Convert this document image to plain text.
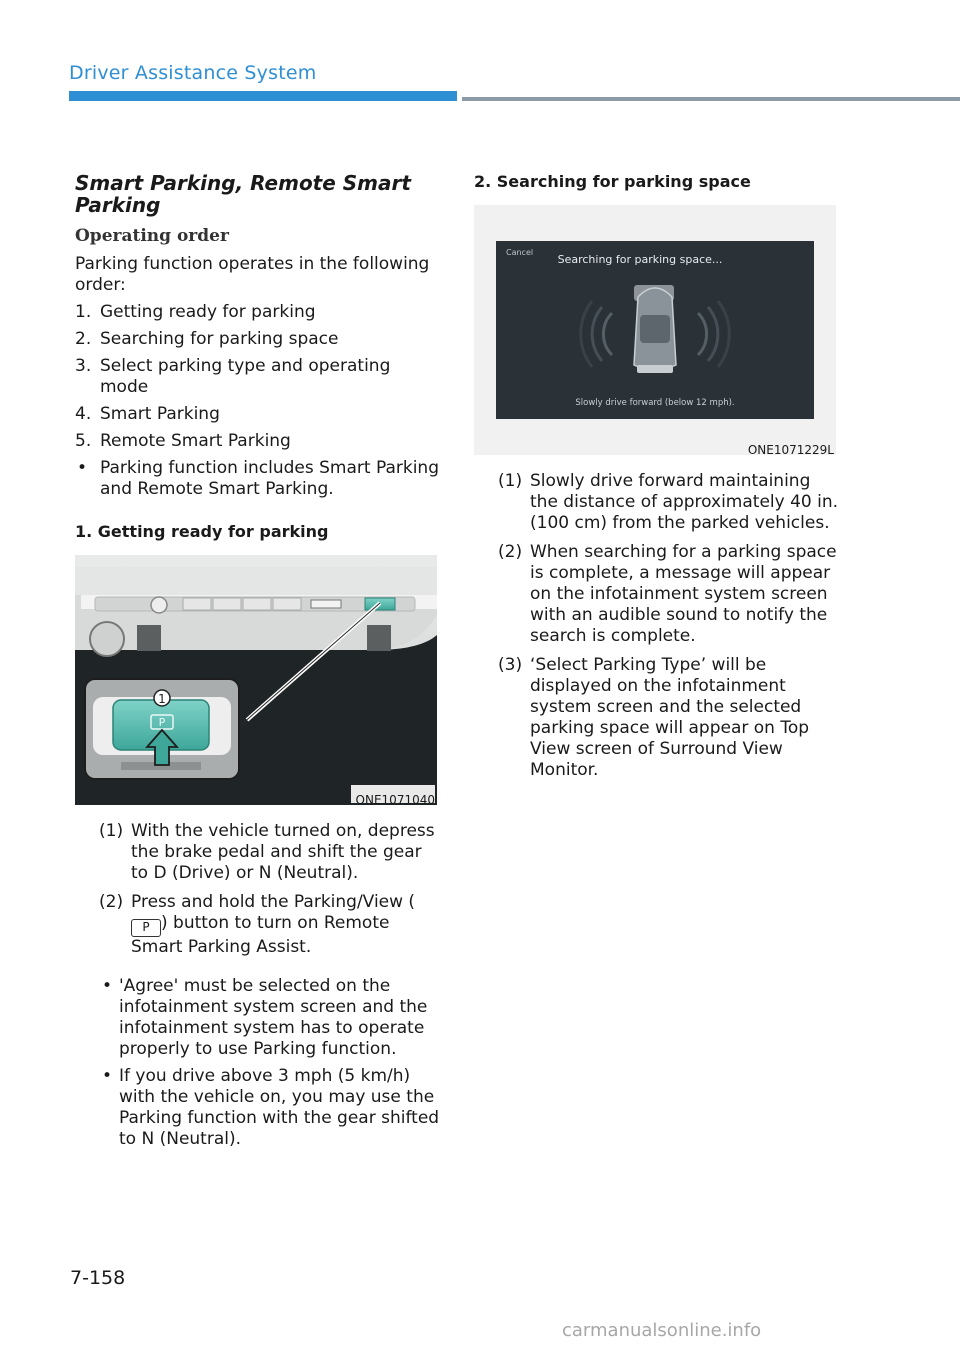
Driver Assistance System
Smart Parking, Remote Smart Parking
Operating order
Parking function operates in the following order:
1. Getting ready for parking
2. Searching for parking space
3. Select parking type and operating mode
4. Smart Parking
5. Remote Smart Parking
• Parking function includes Smart Parking and Remote Smart Parking.
1. Getting ready for parking
1
P
ONE1071040
(1) With the vehicle turned on, depress the brake pedal and shift the gear to D (Drive) or N (Neutral).
(2) Press and hold the Parking/View (P ) button to turn on Remote Smart Parking Assist.
• 'Agree' must be selected on the infotainment system screen and the infotainment system has to operate properly to use Parking function.
• If you drive above 3 mph (5 km/h) with the vehicle on, you may use the Parking function with the gear shifted to N (Neutral).
2. Searching for parking space
Cancel
Searching for parking space...
Slowly drive forward (below 12 mph).
ONE1071229L
(1) Slowly drive forward maintaining the distance of approximately 40 in. (100 cm) from the parked vehicles.
(2) When searching for a parking space is complete, a message will appear on the infotainment system screen with an audible sound to notify the search is complete.
(3) ‘Select Parking Type’ will be displayed on the infotainment system screen and the selected parking space will appear on Top View screen of Surround View Monitor.
7-158
carmanualsonline.info
